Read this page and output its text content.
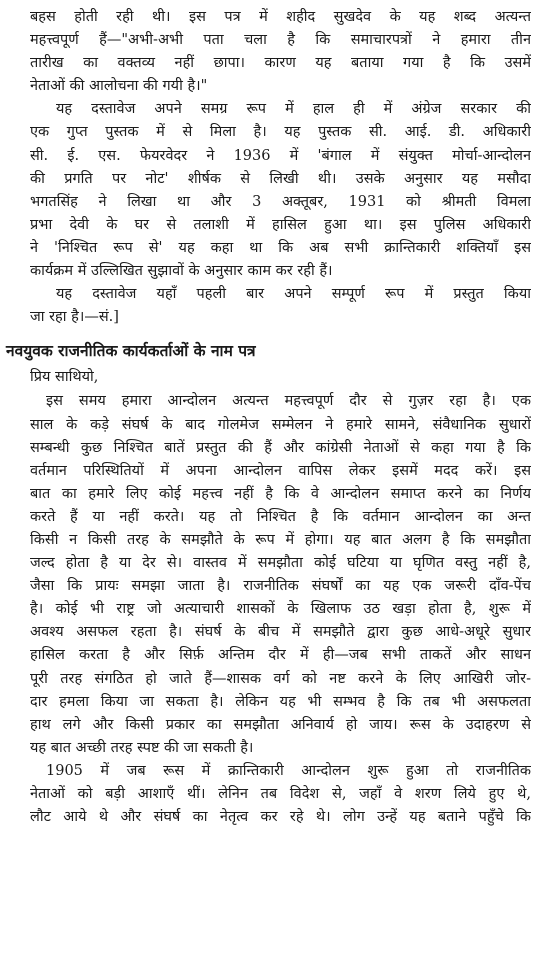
बहस होती रही थी। इस पत्र में शहीद सुखदेव के यह शब्द अत्यन्त
महत्त्वपूर्ण हैं—"अभी-अभी पता चला है कि समाचारपत्रों ने हमारा तीन
तारीख का वक्तव्य नहीं छापा। कारण यह बताया गया है कि उसमें
नेताओं की आलोचना की गयी है।"
यह दस्तावेज अपने समग्र रूप में हाल ही में अंग्रेज सरकार की
एक गुप्त पुस्तक में से मिला है। यह पुस्तक सी. आई. डी. अधिकारी
सी. ई. एस. फेयरवेदर ने 1936 में 'बंगाल में संयुक्त मोर्चा-आन्दोलन
की प्रगति पर नोट' शीर्षक से लिखी थी। उसके अनुसार यह मसौदा
भगतसिंह ने लिखा था और 3 अक्तूबर, 1931 को श्रीमती विमला
प्रभा देवी के घर से तलाशी में हासिल हुआ था। इस पुलिस अधिकारी
ने 'निश्चित रूप से' यह कहा था कि अब सभी क्रान्तिकारी शक्तियाँ इस
कार्यक्रम में उल्लिखित सुझावों के अनुसार काम कर रही हैं।
यह दस्तावेज यहाँ पहली बार अपने सम्पूर्ण रूप में प्रस्तुत किया
जा रहा है।—सं.]
नवयुवक राजनीतिक कार्यकर्ताओं के नाम पत्र
प्रिय साथियो,
इस समय हमारा आन्दोलन अत्यन्त महत्त्वपूर्ण दौर से गुज़र रहा है। एक
साल के कड़े संघर्ष के बाद गोलमेज सम्मेलन ने हमारे सामने, संवैधानिक सुधारों
सम्बन्धी कुछ निश्चित बातें प्रस्तुत की हैं और कांग्रेसी नेताओं से कहा गया है कि
वर्तमान परिस्थितियों में अपना आन्दोलन वापिस लेकर इसमें मदद करें। इस
बात का हमारे लिए कोई महत्त्व नहीं है कि वे आन्दोलन समाप्त करने का निर्णय
करते हैं या नहीं करते। यह तो निश्चित है कि वर्तमान आन्दोलन का अन्त
किसी न किसी तरह के समझौते के रूप में होगा। यह बात अलग है कि समझौता
जल्द होता है या देर से। वास्तव में समझौता कोई घटिया या घृणित वस्तु नहीं है,
जैसा कि प्रायः समझा जाता है। राजनीतिक संघर्षों का यह एक जरूरी दाँव-पेंच
है। कोई भी राष्ट्र जो अत्याचारी शासकों के खिलाफ उठ खड़ा होता है, शुरू में
अवश्य असफल रहता है। संघर्ष के बीच में समझौते द्वारा कुछ आधे-अधूरे सुधार
हासिल करता है और सिर्फ़ अन्तिम दौर में ही—जब सभी ताकतें और साधन
पूरी तरह संगठित हो जाते हैं—शासक वर्ग को नष्ट करने के लिए आखिरी जोर-
दार हमला किया जा सकता है। लेकिन यह भी सम्भव है कि तब भी असफलता
हाथ लगे और किसी प्रकार का समझौता अनिवार्य हो जाय। रूस के उदाहरण से
यह बात अच्छी तरह स्पष्ट की जा सकती है।
1905 में जब रूस में क्रान्तिकारी आन्दोलन शुरू हुआ तो राजनीतिक
नेताओं को बड़ी आशाएँ थीं। लेनिन तब विदेश से, जहाँ वे शरण लिये हुए थे,
लौट आये थे और संघर्ष का नेतृत्व कर रहे थे। लोग उन्हें यह बताने पहुँचे कि
